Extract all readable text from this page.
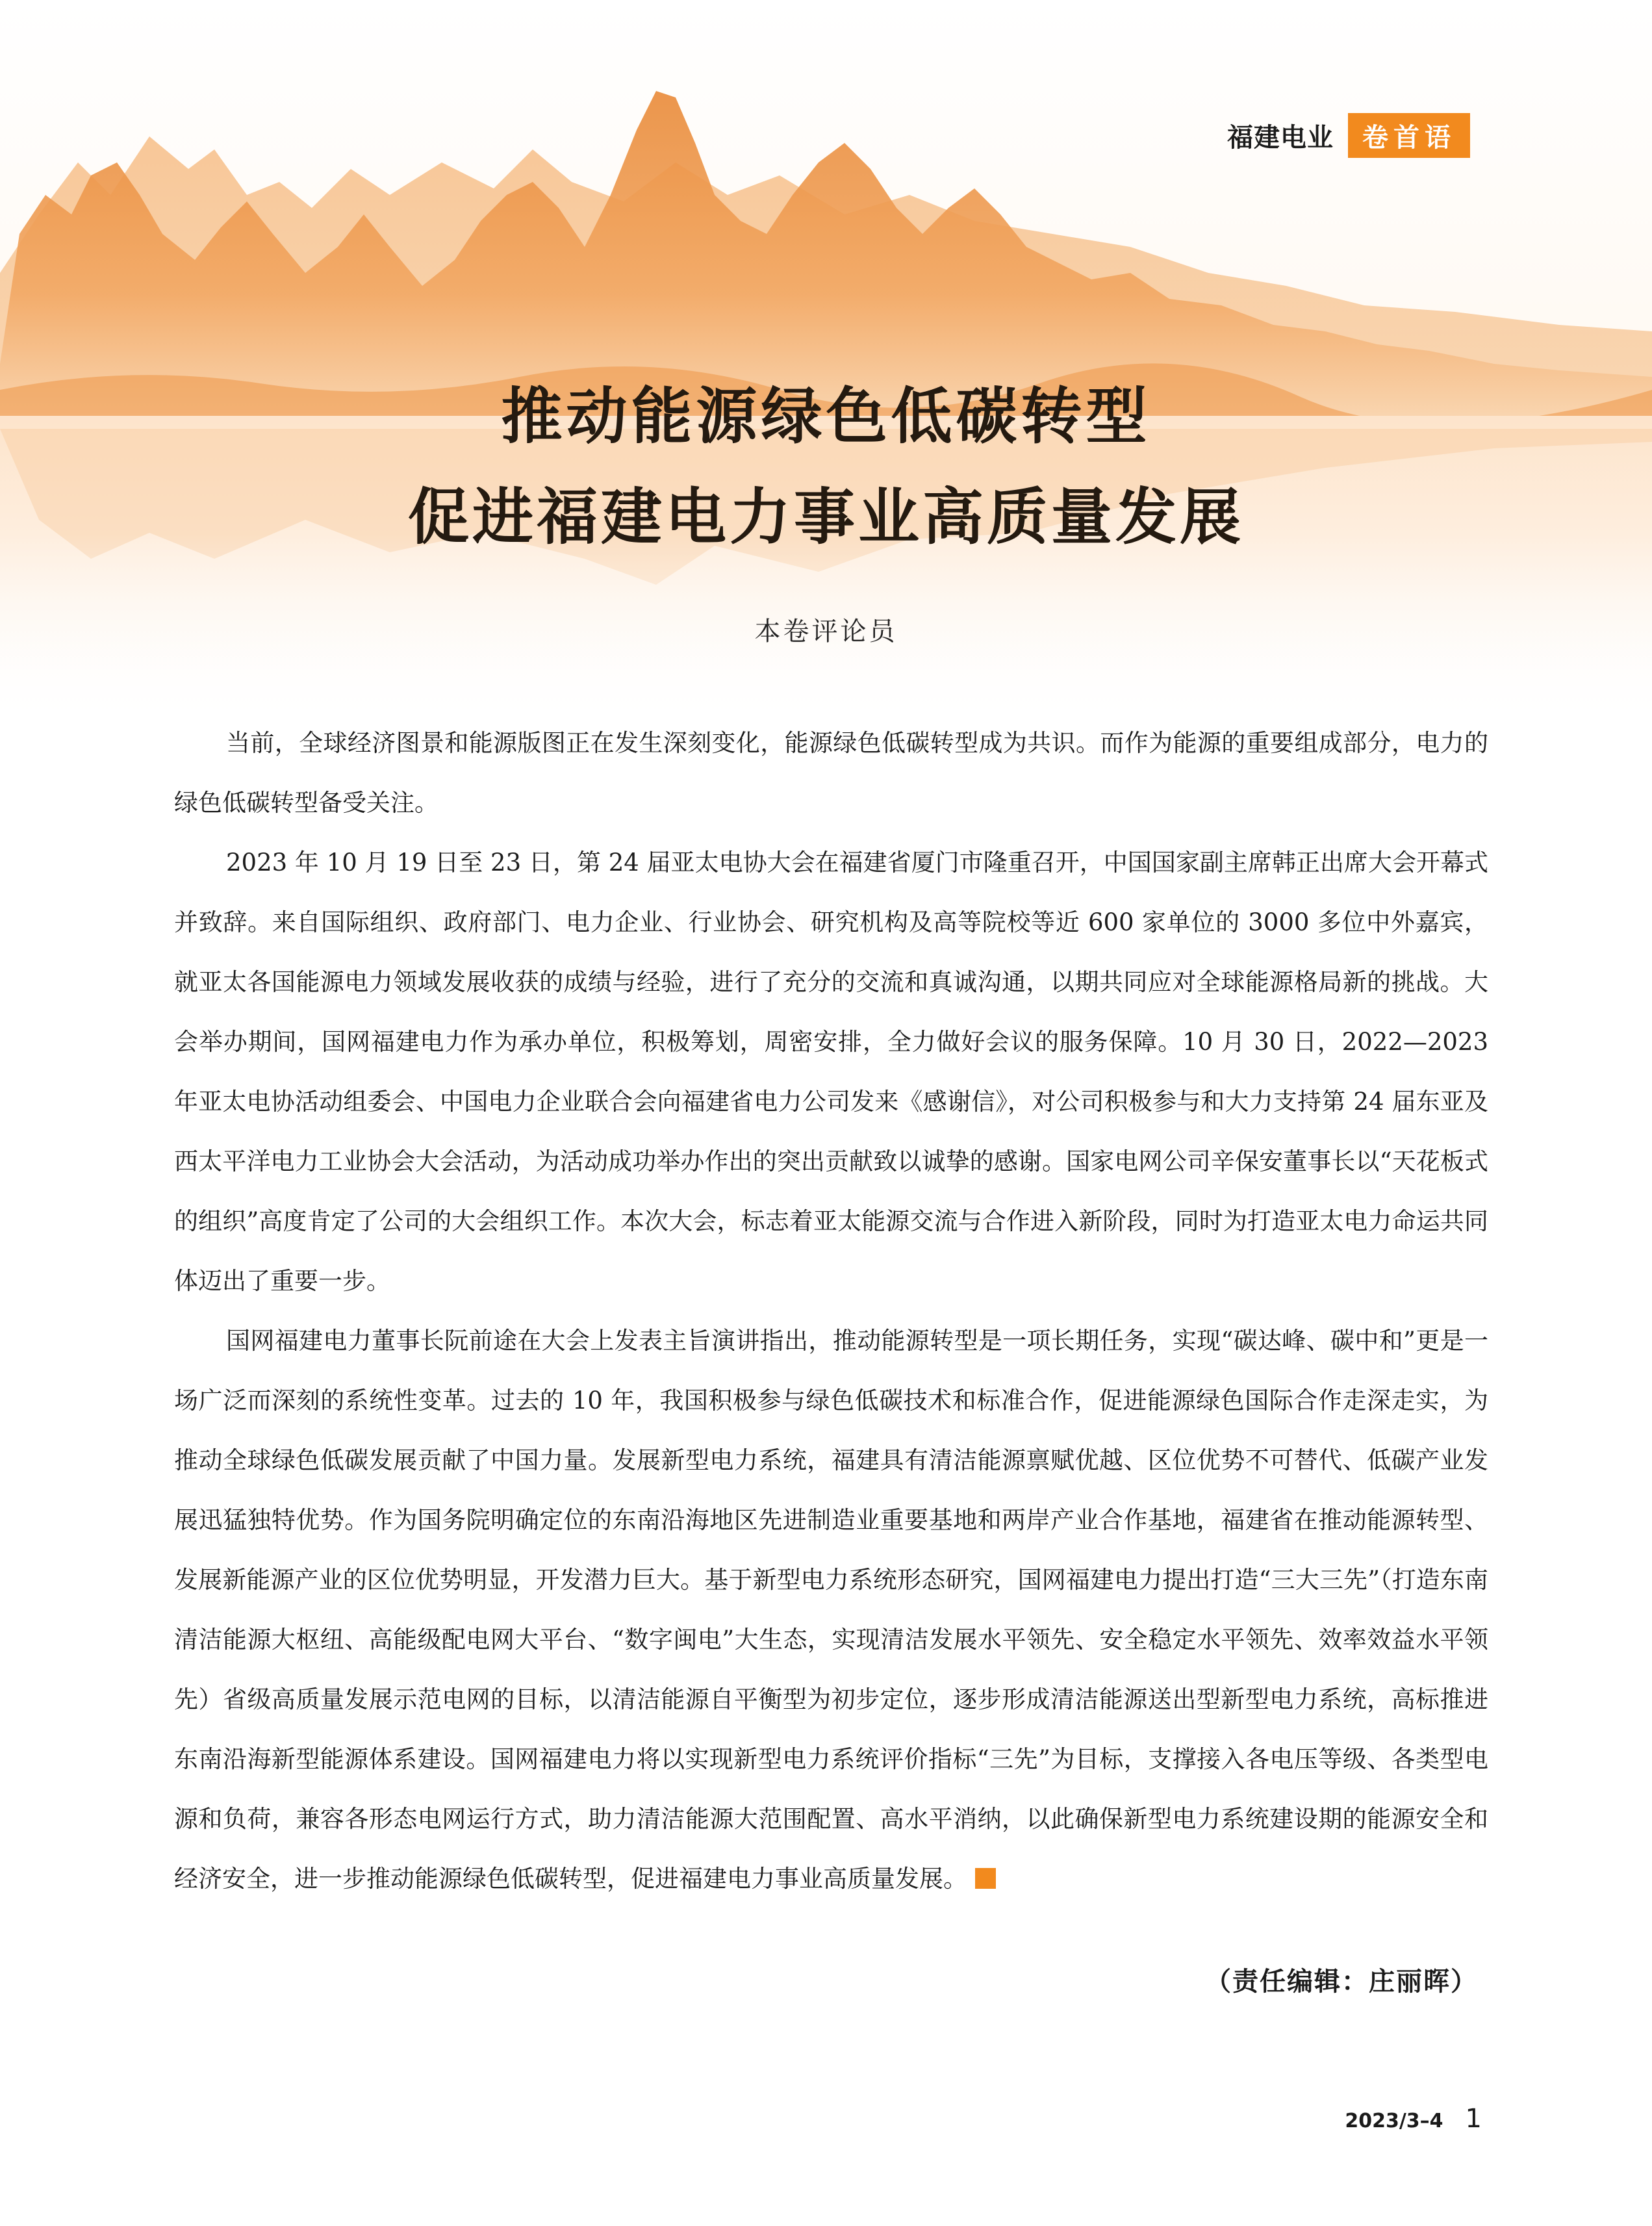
福建电业	卷首语
推动能源绿色低碳转型
促进福建电力事业高质量发展
本卷评论员

当前，全球经济图景和能源版图正在发生深刻变化，能源绿色低碳转型成为共识。而作为能源的重要组成部分，电力的绿色低碳转型备受关注。

2023 年 10 月 19 日至 23 日，第 24 届亚太电协大会在福建省厦门市隆重召开，中国国家副主席韩正出席大会开幕式并致辞。来自国际组织、政府部门、电力企业、行业协会、研究机构及高等院校等近 600 家单位的 3000 多位中外嘉宾，就亚太各国能源电力领域发展收获的成绩与经验，进行了充分的交流和真诚沟通，以期共同应对全球能源格局新的挑战。大会举办期间，国网福建电力作为承办单位，积极筹划，周密安排，全力做好会议的服务保障。10 月 30 日，2022—2023 年亚太电协活动组委会、中国电力企业联合会向福建省电力公司发来《感谢信》，对公司积极参与和大力支持第 24 届东亚及西太平洋电力工业协会大会活动，为活动成功举办作出的突出贡献致以诚挚的感谢。国家电网公司辛保安董事长以“天花板式的组织”高度肯定了公司的大会组织工作。本次大会，标志着亚太能源交流与合作进入新阶段，同时为打造亚太电力命运共同体迈出了重要一步。

国网福建电力董事长阮前途在大会上发表主旨演讲指出，推动能源转型是一项长期任务，实现“碳达峰、碳中和”更是一场广泛而深刻的系统性变革。过去的 10 年，我国积极参与绿色低碳技术和标准合作，促进能源绿色国际合作走深走实，为推动全球绿色低碳发展贡献了中国力量。发展新型电力系统，福建具有清洁能源禀赋优越、区位优势不可替代、低碳产业发展迅猛独特优势。作为国务院明确定位的东南沿海地区先进制造业重要基地和两岸产业合作基地，福建省在推动能源转型、发展新能源产业的区位优势明显，开发潜力巨大。基于新型电力系统形态研究，国网福建电力提出打造“三大三先”（打造东南清洁能源大枢纽、高能级配电网大平台、“数字闽电”大生态，实现清洁发展水平领先、安全稳定水平领先、效率效益水平领先）省级高质量发展示范电网的目标，以清洁能源自平衡型为初步定位，逐步形成清洁能源送出型新型电力系统，高标推进东南沿海新型能源体系建设。国网福建电力将以实现新型电力系统评价指标“三先”为目标，支撑接入各电压等级、各类型电源和负荷，兼容各形态电网运行方式，助力清洁能源大范围配置、高水平消纳，以此确保新型电力系统建设期的能源安全和经济安全，进一步推动能源绿色低碳转型，促进福建电力事业高质量发展。

（责任编辑：庄丽晖）
2023/3–4 1
